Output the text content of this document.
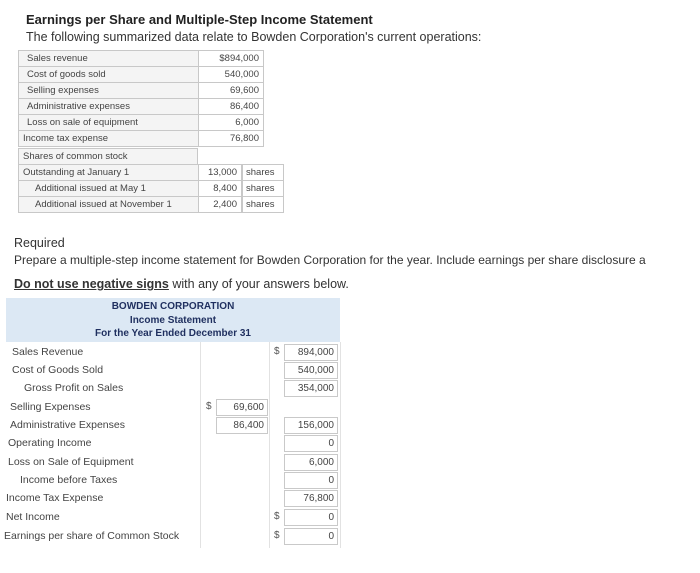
Earnings per Share and Multiple-Step Income Statement
The following summarized data relate to Bowden Corporation's current operations:
Sales revenue	$894,000
Cost of goods sold	540,000
Selling expenses	69,600
Administrative expenses	86,400
Loss on sale of equipment	6,000
Income tax expense	76,800
Shares of common stock
Outstanding at January 1	13,000 shares
Additional issued at May 1	8,400 shares
Additional issued at November 1	2,400 shares
Required
Prepare a multiple-step income statement for Bowden Corporation for the year. Include earnings per share disclosure a
Do not use negative signs with any of your answers below.
BOWDEN CORPORATION
Income Statement
For the Year Ended December 31
Sales Revenue	$	894,000
Cost of Goods Sold	540,000
Gross Profit on Sales	354,000
Selling Expenses	$	69,600
Administrative Expenses	86,400	156,000
Operating Income	0
Loss on Sale of Equipment	6,000
Income before Taxes	0
Income Tax Expense	76,800
Net Income	$	0
Earnings per share of Common Stock	$	0
